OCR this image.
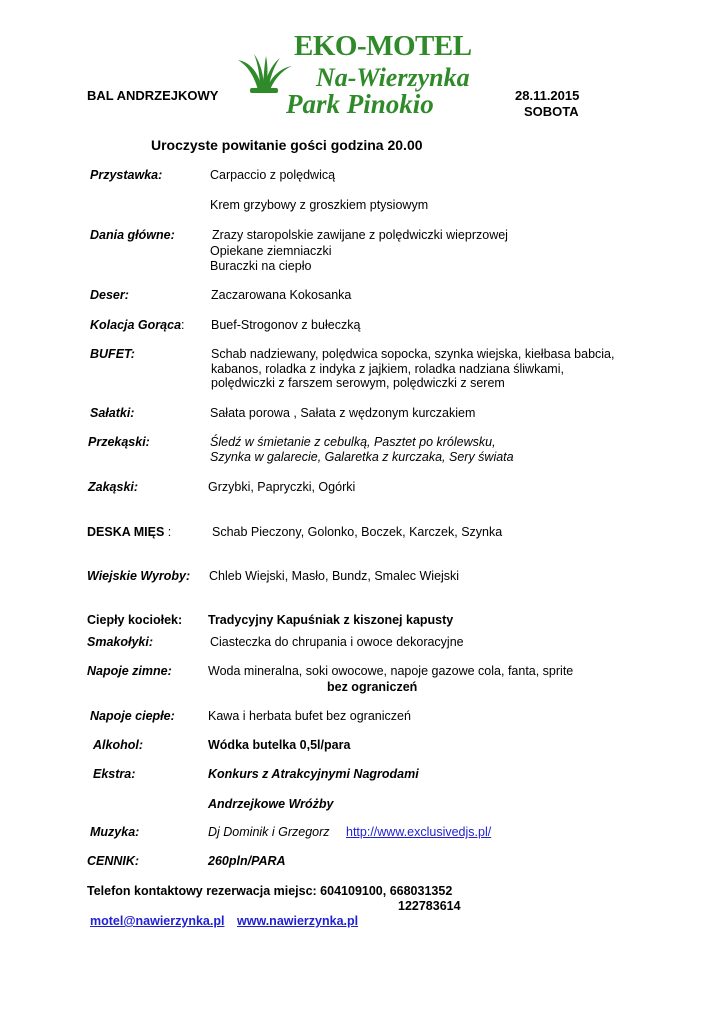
BAL ANDRZEJKOWY	28.11.2015
SOBOTA
EKO-MOTEL
Na-Wierzynka
Park Pinokio
Uroczyste powitanie gości godzina 20.00
Przystawka:	Carpaccio z polędwicą
Krem grzybowy z groszkiem ptysiowym
Dania główne:	Zrazy staropolskie zawijane z polędwiczki wieprzowej
Opiekane ziemniaczki
Buraczki na ciepło
Deser:	Zaczarowana Kokosanka
Kolacja Gorąca: Buef-Strogonov z bułeczką
BUFET:	Schab nadziewany, polędwica sopocka, szynka wiejska, kiełbasa babcia,
kabanos, roladka z indyka z jajkiem, roladka nadziana śliwkami,
polędwiczki z farszem serowym, polędwiczki z serem
Sałatki:	Sałata porowa , Sałata z wędzonym kurczakiem
Przekąski:	Śledź w śmietanie z cebulką, Pasztet po królewsku,
Szynka w galarecie, Galaretka z kurczaka, Sery świata
Zakąski:	Grzybki, Papryczki, Ogórki
DESKA MIĘS :	Schab Pieczony, Golonko, Boczek, Karczek, Szynka
Wiejskie Wyroby: Chleb Wiejski, Masło, Bundz, Smalec Wiejski
Ciepły kociołek: Tradycyjny Kapuśniak z kiszonej kapusty
Smakołyki:	Ciasteczka do chrupania i owoce dekoracyjne
Napoje zimne:	Woda mineralna, soki owocowe, napoje gazowe cola, fanta, sprite
bez ograniczeń
Napoje ciepłe:	Kawa i herbata bufet bez ograniczeń
Alkohol:	Wódka butelka 0,5l/para
Ekstra:	Konkurs z Atrakcyjnymi Nagrodami
Andrzejkowe Wróżby
Muzyka:	Dj Dominik i Grzegorz http://www.exclusivedjs.pl/
CENNIK:	260pln/PARA
Telefon kontaktowy rezerwacja miejsc: 604109100, 668031352
122783614
motel@nawierzynka.pl www.nawierzynka.pl
